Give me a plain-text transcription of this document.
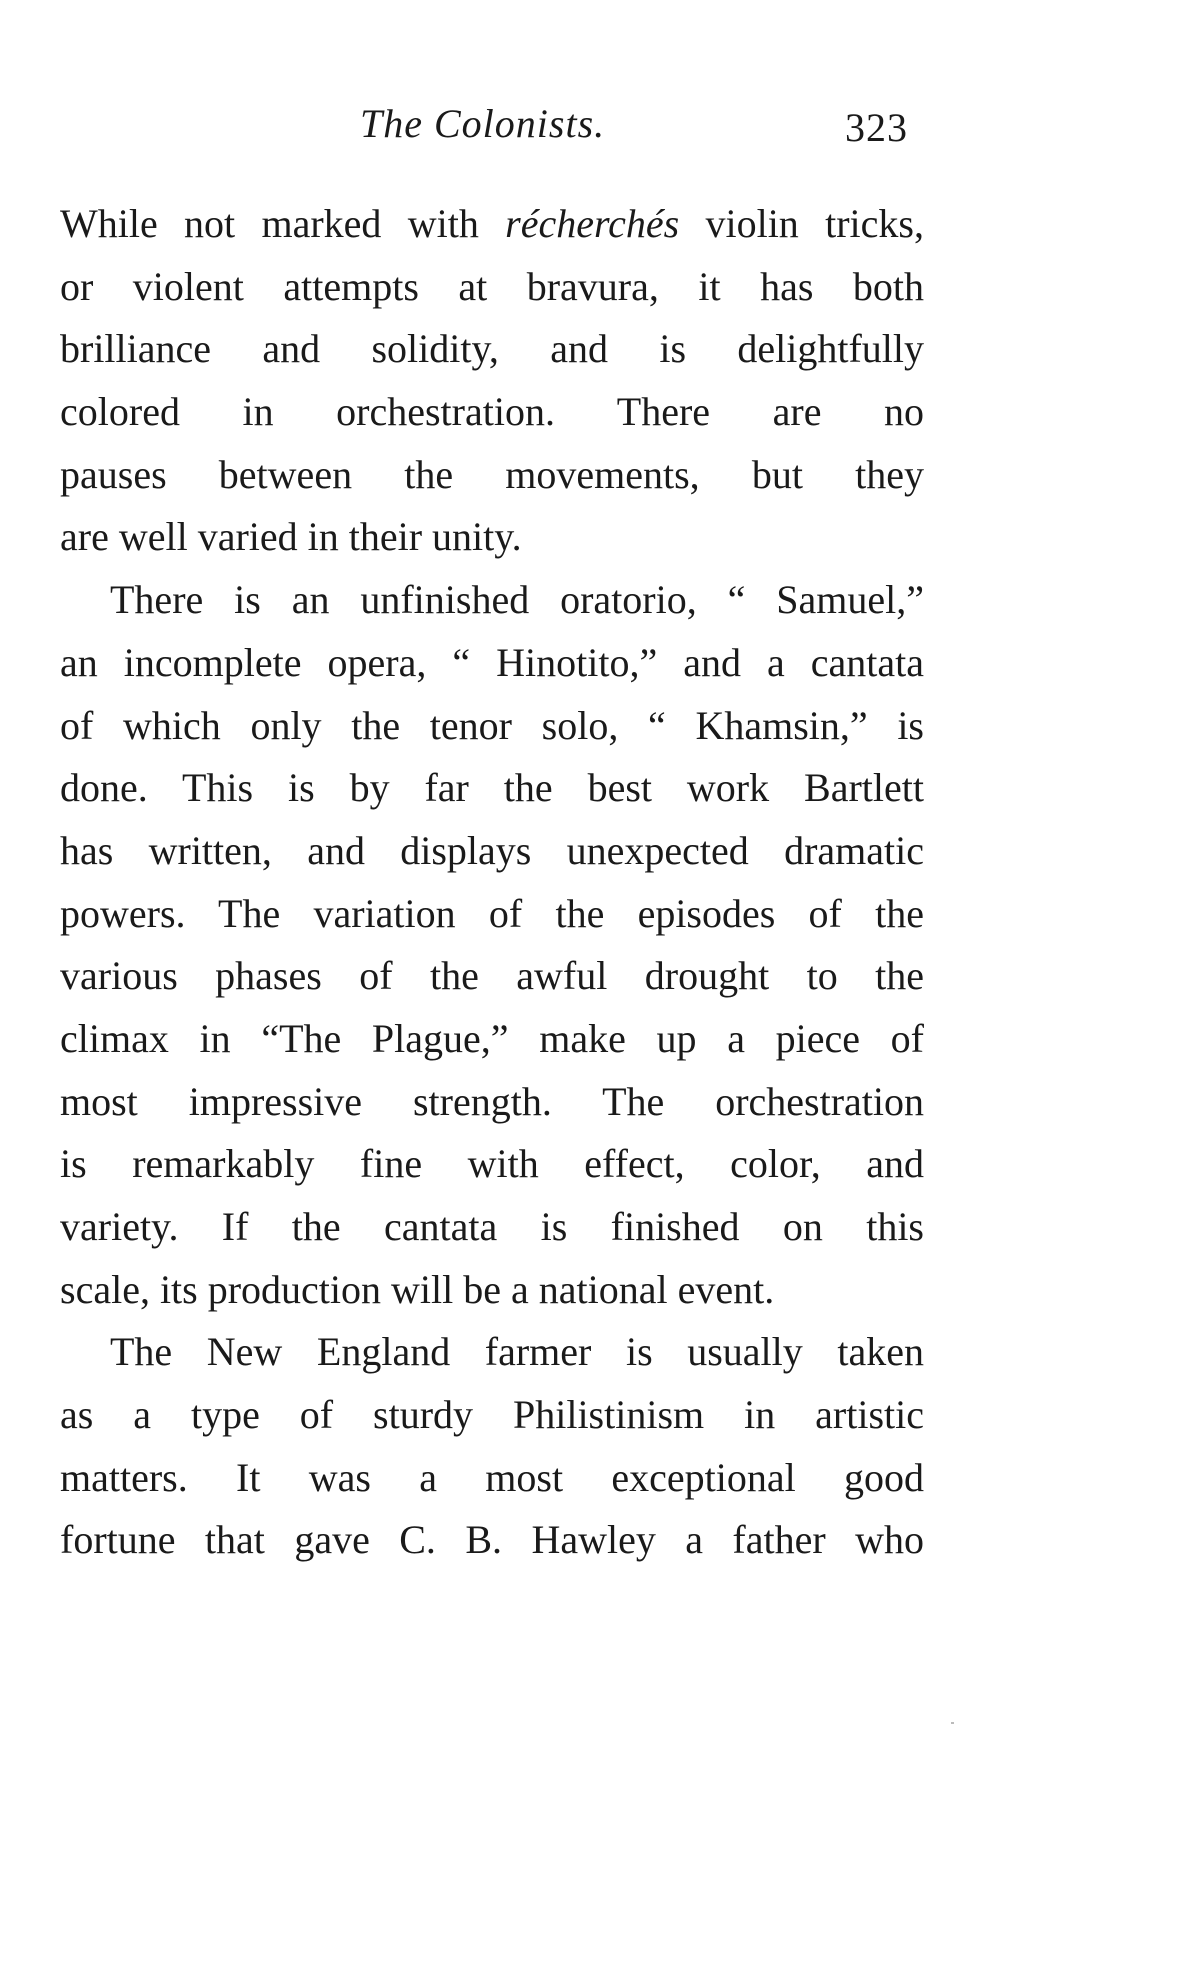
The Colonists.	323
While not marked with récherchés violin tricks,
or violent attempts at bravura, it has both
brilliance and solidity, and is delightfully
colored in orchestration. There are no
pauses between the movements, but they
are well varied in their unity.
There is an unfinished oratorio, “ Samuel,”
an incomplete opera, “ Hinotito,” and a cantata
of which only the tenor solo, “ Khamsin,” is
done. This is by far the best work Bartlett
has written, and displays unexpected dramatic
powers. The variation of the episodes of the
various phases of the awful drought to the
climax in “The Plague,” make up a piece of
most impressive strength. The orchestration
is remarkably fine with effect, color, and
variety. If the cantata is finished on this
scale, its production will be a national event.
The New England farmer is usually taken
as a type of sturdy Philistinism in artistic
matters. It was a most exceptional good
fortune that gave C. B. Hawley a father who
